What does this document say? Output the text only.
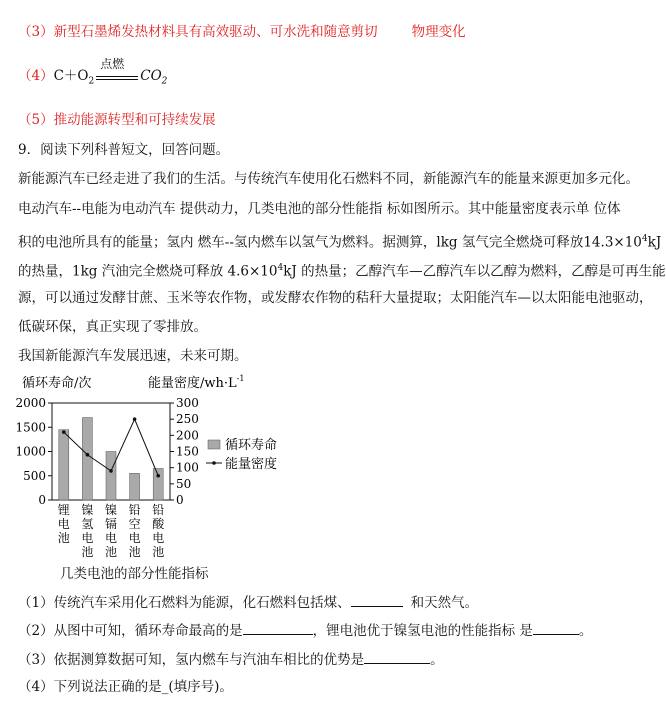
（3）新型石墨烯发热材料具有高效驱动、可水洗和随意剪切	物理变化
$(4)C+O_2$
点燃
$CO_2$
（5）推动能源转型和可持续发展
9．阅读下列科普短文，回答问题。
新能源汽车已经走进了我们的生活。与传统汽车使用化石燃料不同，新能源汽车的能量来源更加多元化。
电动汽车--电能为电动汽车 提供动力，几类电池的部分性能指 标如图所示。其中能量密度表示单 位体
积的电池所具有的能量；氢内 燃车--氢内燃车以氢气为燃料。据测算，lkg 氢气完全燃烧可释放$14.3\times 10^4kJ$
的热量，1kg 汽油完全燃烧可释放 $4.6\times 10^4kJ$ 的热量；乙醇汽车—乙醇汽车以乙醇为燃料，乙醇是可再生能
源，可以通过发酵甘蔗、玉米等农作物，或发酵农作物的秸秆大量提取；太阳能汽车—以太阳能电池驱动，
低碳环保，真正实现了零排放。
我国新能源汽车发展迅速，未来可期。
循环寿命/次	能量密度$/wh\cdot L^{-1}$
2000
1500
1000
500
0
300
250
200
150
100
50
0
锂电池
镍氢电池
镍镉电池
铅空电池
铅酸电池
循环寿命
能量密度
几类电池的部分性能指标
（1）传统汽车采用化石燃料为能源，化石燃料包括煤、	和天然气。
（2）从图中可知，循环寿命最高的是	，锂电池优于镍氢电池的性能指标 是	。
（3）依据测算数据可知，氢内燃车与汽油车相比的优势是	。
（4）下列说法正确的是_(填序号)。
